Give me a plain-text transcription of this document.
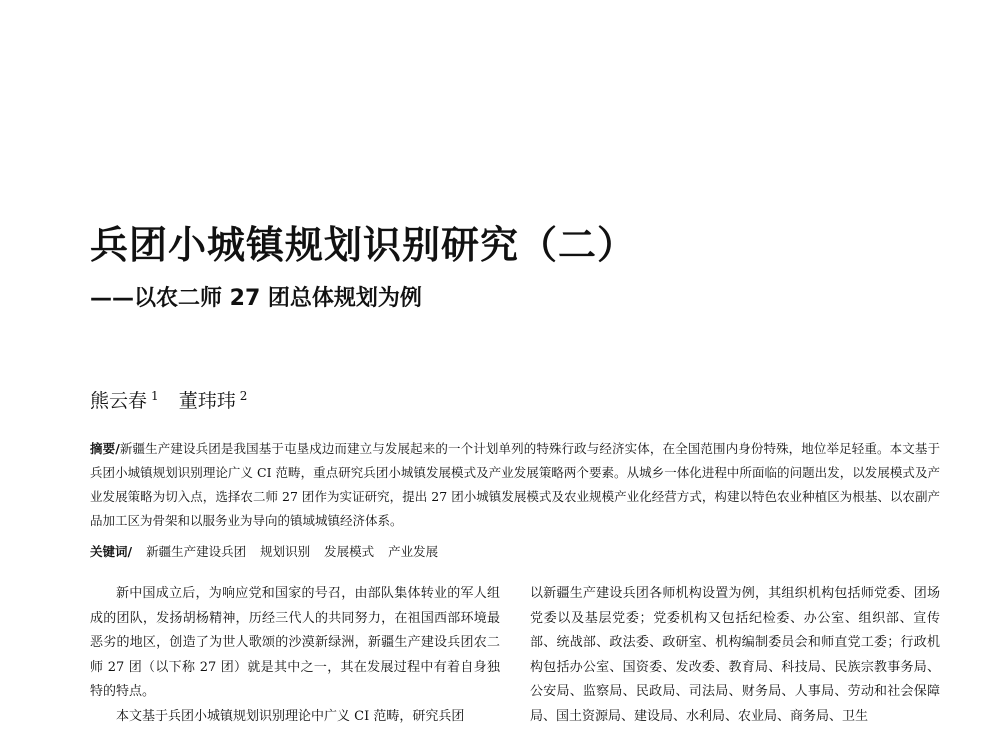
兵团小城镇规划识别研究（二）
——以农二师 27 团总体规划为例
熊云春 $^1$ 董玮玮 $^2$
摘要/新疆生产建设兵团是我国基于屯垦戍边而建立与发展起来的一个计划单列的特殊行政与经济实体，在全国范围内身份特殊，地位举足轻重。本文基于兵团小城镇规划识别理论广义 CI 范畴，重点研究兵团小城镇发展模式及产业发展策略两个要素。从城乡一体化进程中所面临的问题出发，以发展模式及产业发展策略为切入点，选择农二师 27 团作为实证研究，提出 27 团小城镇发展模式及农业规模产业化经营方式，构建以特色农业种植区为根基、以农副产品加工区为骨架和以服务业为导向的镇域城镇经济体系。
关键词/ 新疆生产建设兵团 规划识别 发展模式 产业发展

新中国成立后，为响应党和国家的号召，由部队集体转业的军人组成的团队，发扬胡杨精神，历经三代人的共同努力，在祖国西部环境最恶劣的地区，创造了为世人歌颂的沙漠新绿洲，新疆生产建设兵团农二师 27 团（以下称 27 团）就是其中之一，其在发展过程中有着自身独特的特点。

本文基于兵团小城镇规划识别理论中广义 CI 范畴，研究兵团

以新疆生产建设兵团各师机构设置为例，其组织机构包括师党委、团场党委以及基层党委；党委机构又包括纪检委、办公室、组织部、宣传部、统战部、政法委、政研室、机构编制委员会和师直党工委；行政机构包括办公室、国资委、发改委、教育局、科技局、民族宗教事务局、公安局、监察局、民政局、司法局、财务局、人事局、劳动和社会保障局、国土资源局、建设局、水利局、农业局、商务局、卫生
